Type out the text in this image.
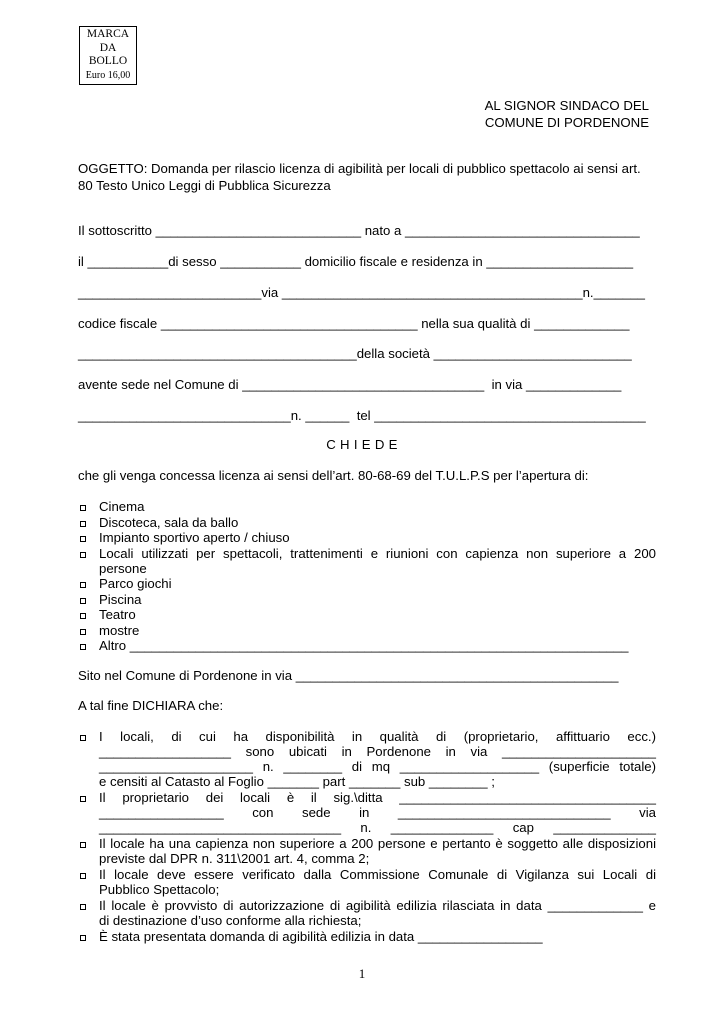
MARCA
DA
BOLLO
Euro 16,00
AL SIGNOR SINDACO DEL
COMUNE DI PORDENONE
OGGETTO: Domanda per rilascio licenza di agibilità per locali di pubblico spettacolo ai sensi art.
80 Testo Unico Leggi di Pubblica Sicurezza
Il sottoscritto ____________________________ nato a ________________________________
il ___________di sesso ___________ domicilio fiscale e residenza in ____________________
_________________________via _________________________________________n._______
codice fiscale ___________________________________ nella sua qualità di _____________
______________________________________della società ___________________________
avente sede nel Comune di _________________________________  in via _____________
_____________________________n. ______  tel _____________________________________
C H I E D E
che gli venga concessa licenza ai sensi dell’art. 80-68-69 del T.U.L.P.S per l’apertura di:
Cinema
Discoteca, sala da ballo
Impianto sportivo aperto / chiuso
Locali utilizzati per spettacoli, trattenimenti e riunioni con capienza non superiore a 200
persone
Parco giochi
Piscina
Teatro
mostre
Altro ____________________________________________________________________
Sito nel Comune di Pordenone in via ____________________________________________
A tal fine DICHIARA che:
I locali, di cui ha disponibilità in qualità di (proprietario, affittuario ecc.)
__________________ sono ubicati in Pordenone in via _____________________
_____________________ n. ________ di mq ___________________ (superficie totale)
e censiti al Catasto al Foglio _______ part _______ sub ________ ;
Il proprietario dei locali è il sig.\ditta ___________________________________
_________________ con sede in _____________________________ via
_________________________________ n. ______________ cap ______________
Il locale ha una capienza non superiore a 200 persone e pertanto è soggetto alle disposizioni
previste dal DPR n. 311\2001 art. 4, comma 2;
Il locale deve essere verificato dalla Commissione Comunale di Vigilanza sui Locali di
Pubblico Spettacolo;
Il locale è provvisto di autorizzazione di agibilità edilizia rilasciata in data _____________ e
di destinazione d’uso conforme alla richiesta;
È stata presentata domanda di agibilità edilizia in data _________________
1
